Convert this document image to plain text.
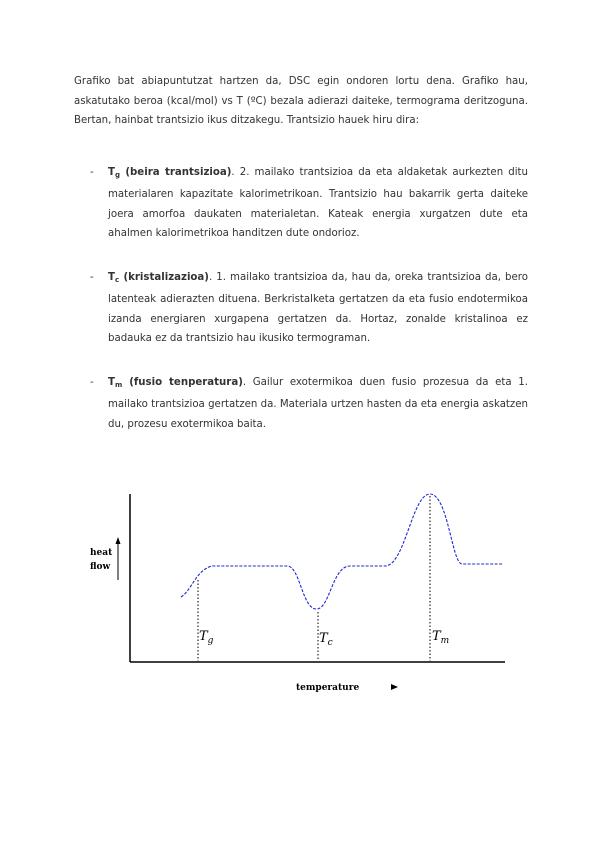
Grafiko bat abiapuntutzat hartzen da, DSC egin ondoren lortu dena. Grafiko hau, askatutako beroa (kcal/mol) vs T (ºC) bezala adierazi daiteke, termograma deritzoguna. Bertan, hainbat trantsizio ikus ditzakegu. Trantsizio hauek hiru dira:

- $T_g$ (beira trantsizioa). 2. mailako trantsizioa da eta aldaketak aurkezten ditu materialaren kapazitate kalorimetrikoan. Trantsizio hau bakarrik gerta daiteke joera amorfoa daukaten materialetan. Kateak energia xurgatzen dute eta ahalmen kalorimetrikoa handitzen dute ondorioz.

- $T_c$ (kristalizazioa). 1. mailako trantsizioa da, hau da, oreka trantsizioa da, bero latenteak adierazten dituena. Berkristalketa gertatzen da eta fusio endotermikoa izanda energiaren xurgapena gertatzen da. Hortaz, zonalde kristalinoa ez badauka ez da trantsizio hau ikusiko termograman.

- $T_m$ (fusio tenperatura). Gailur exotermikoa duen fusio prozesua da eta 1. mailako trantsizioa gertatzen da. Materiala urtzen hasten da eta energia askatzen du, prozesu exotermikoa baita.

heat
flow
$T_g$	$T_c$	$T_m$
temperature
